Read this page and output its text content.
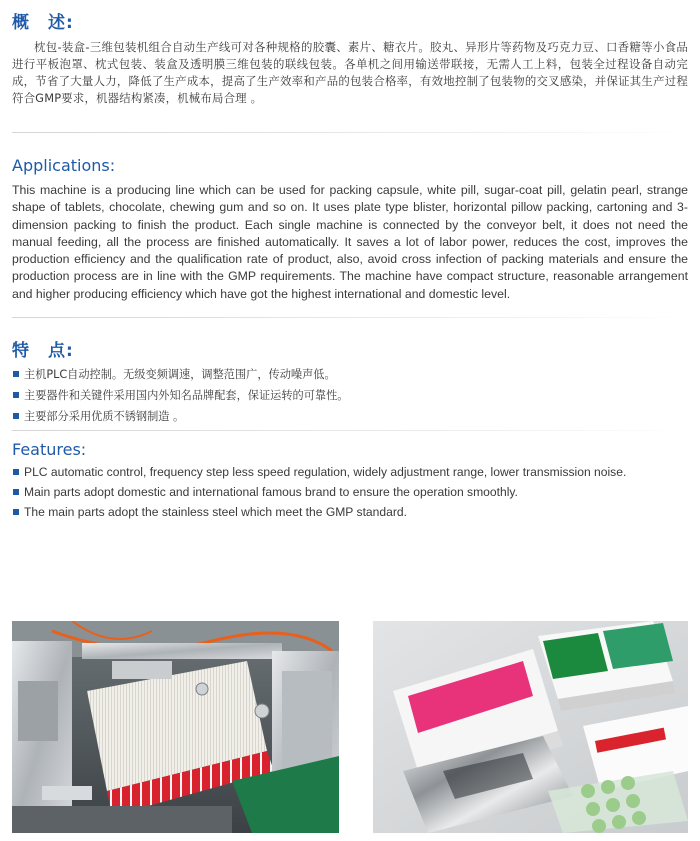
概　述:

枕包-装盒-三维包装机组合自动生产线可对各种规格的胶囊、素片、糖衣片。胶丸、异形片等药物及巧克力豆、口香糖等小食品进行平板泡罩、枕式包装、装盒及透明膜三维包装的联线包装。各单机之间用输送带联接，无需人工上料，包装全过程设备自动完成，节省了大量人力，降低了生产成本，提高了生产效率和产品的包装合格率，有效地控制了包装物的交叉感染，并保证其生产过程符合GMP要求，机器结构紧凑，机械布局合理 。

Applications:

This machine is a producing line which can be used for packing capsule, white pill, sugar-coat pill, gelatin pearl, strange shape of tablets, chocolate, chewing gum and so on. It uses plate type blister, horizontal pillow packing, cartoning and 3-dimension packing to finish the product. Each single machine is connected by the conveyor belt, it does not need the manual feeding, all the process are finished automatically. It saves a lot of labor power, reduces the cost, improves the production efficiency and the qualification rate of product, also, avoid cross infection of packing materials and ensure the production process are in line with the GMP requirements. The machine have compact structure, reasonable arrangement and higher producing efficiency which have got the highest international and domestic level.

特　点:
主机PLC自动控制。无级变频调速，调整范围广，传动噪声低。
主要器件和关键件采用国内外知名品牌配套，保证运转的可靠性。
主要部分采用优质不锈钢制造 。
Features:
PLC automatic control, frequency step less speed regulation, widely adjustment range, lower transmission noise.
Main parts adopt domestic and international famous brand to ensure the operation smoothly.
The main parts adopt the stainless steel which meet the GMP standard.
